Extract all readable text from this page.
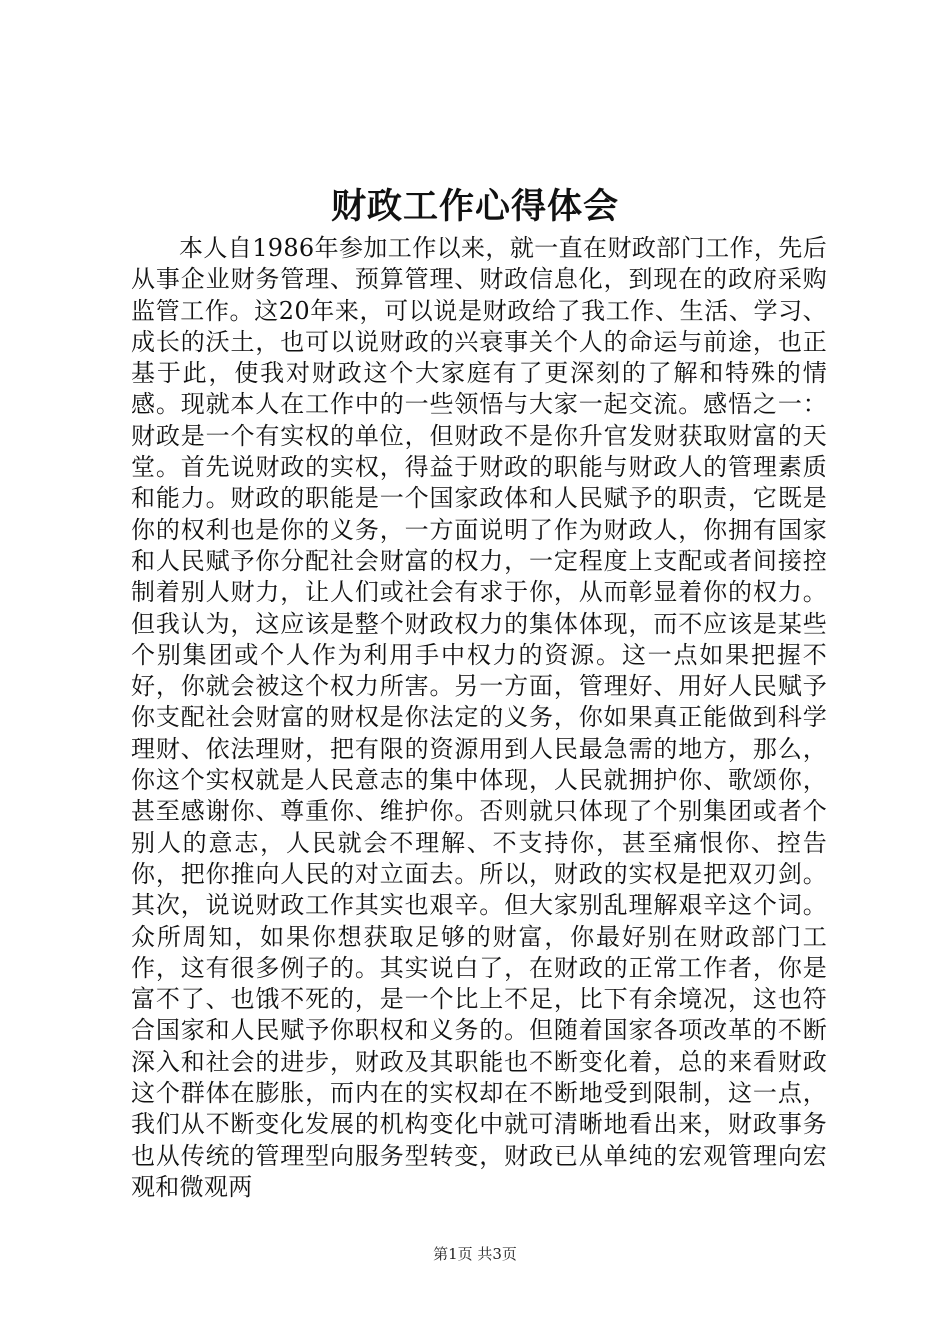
财政工作心得体会

本人自1986年参加工作以来，就一直在财政部门工作，先后从事企业财务管理、预算管理、财政信息化，到现在的政府采购监管工作。这20年来，可以说是财政给了我工作、生活、学习、成长的沃土，也可以说财政的兴衰事关个人的命运与前途，也正基于此，使我对财政这个大家庭有了更深刻的了解和特殊的情感。现就本人在工作中的一些领悟与大家一起交流。感悟之一：财政是一个有实权的单位，但财政不是你升官发财获取财富的天堂。首先说财政的实权，得益于财政的职能与财政人的管理素质和能力。财政的职能是一个国家政体和人民赋予的职责，它既是你的权利也是你的义务，一方面说明了作为财政人，你拥有国家和人民赋予你分配社会财富的权力，一定程度上支配或者间接控制着别人财力，让人们或社会有求于你，从而彰显着你的权力。但我认为，这应该是整个财政权力的集体体现，而不应该是某些个别集团或个人作为利用手中权力的资源。这一点如果把握不好，你就会被这个权力所害。另一方面，管理好、用好人民赋予你支配社会财富的财权是你法定的义务，你如果真正能做到科学理财、依法理财，把有限的资源用到人民最急需的地方，那么，你这个实权就是人民意志的集中体现，人民就拥护你、歌颂你，甚至感谢你、尊重你、维护你。否则就只体现了个别集团或者个别人的意志，人民就会不理解、不支持你，甚至痛恨你、控告你，把你推向人民的对立面去。所以，财政的实权是把双刃剑。其次，说说财政工作其实也艰辛。但大家别乱理解艰辛这个词。众所周知，如果你想获取足够的财富，你最好别在财政部门工作，这有很多例子的。其实说白了，在财政的正常工作者，你是富不了、也饿不死的，是一个比上不足，比下有余境况，这也符合国家和人民赋予你职权和义务的。但随着国家各项改革的不断深入和社会的进步，财政及其职能也不断变化着，总的来看财政这个群体在膨胀，而内在的实权却在不断地受到限制，这一点，我们从不断变化发展的机构变化中就可清晰地看出来，财政事务也从传统的管理型向服务型转变，财政已从单纯的宏观管理向宏观和微观两

第1页 共3页
